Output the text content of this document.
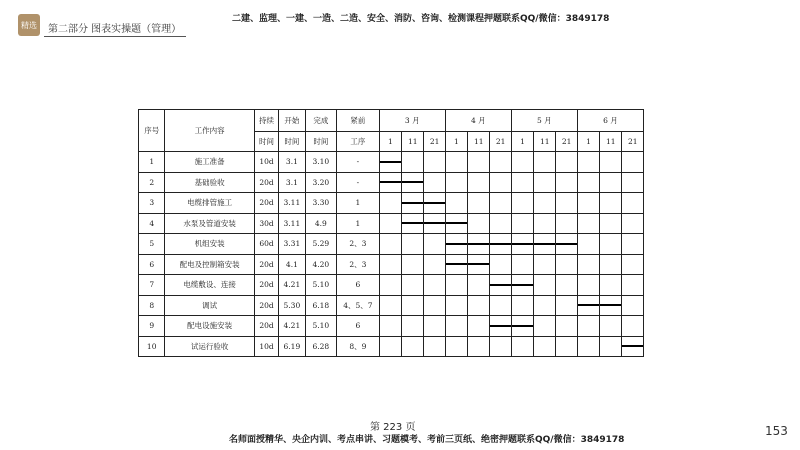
精选	第二部分 图表实操题（管理）
二建、监理、一建、一造、二造、安全、消防、咨询、检测课程押题联系QQ/微信：3849178
序号	工作内容	持续	开始	完成	紧前	3 月			4 月			5 月			6 月		
		时间	时间	时间	工序	1	11	21	1	11	21	1	11	21	1	11	21
1	施工准备	10d	3.1	3.10	-	

2	基础验收	20d	3.1	3.20	-	

3	电缆排管施工	20d	3.11	3.30	1		

4	水泵及管道安装	30d	3.11	4.9	1		

5	机组安装	60d	3.31	5.29	2、3				

6	配电及控制箱安装	20d	4.1	4.20	2、3				

7	电缆敷设、连接	20d	4.21	5.10	6						

8	调试	20d	5.30	6.18	4、5、7										

9	配电设施安装	20d	4.21	5.10	6						

10	试运行验收	10d	6.19	6.28	8、9												
第 223 页
名师面授精华、央企内训、考点串讲、习题模考、考前三页纸、绝密押题联系QQ/微信：3849178
153
